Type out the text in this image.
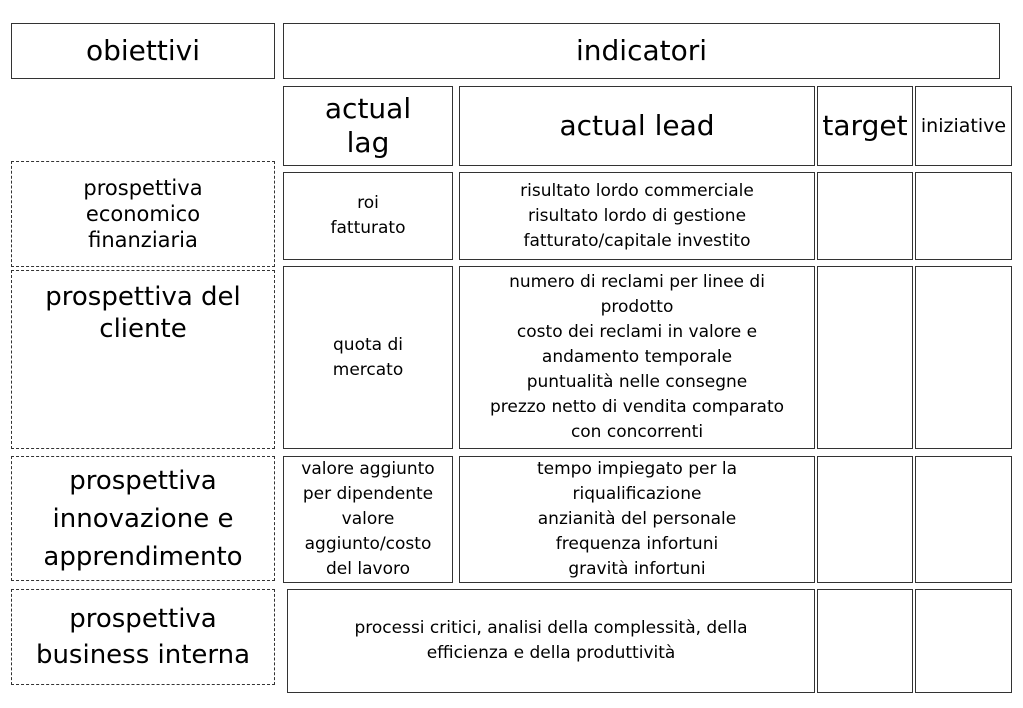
obiettivi	indicatori
actual
lag
actual lead	target iniziative
prospettiva
economico
finanziaria
roi
fatturato
risultato lordo commerciale
risultato lordo di gestione
fatturato/capitale investito
prospettiva del
cliente
quota di
mercato
numero di reclami per linee di
prodotto
costo dei reclami in valore e
andamento temporale
puntualità nelle consegne
prezzo netto di vendita comparato
con concorrenti
prospettiva
innovazione e
apprendimento
valore aggiunto
per dipendente
valore
aggiunto/costo
del lavoro
tempo impiegato per la
riqualificazione
anzianità del personale
frequenza infortuni
gravità infortuni
prospettiva
business interna
processi critici, analisi della complessità, della
efficienza e della produttività
